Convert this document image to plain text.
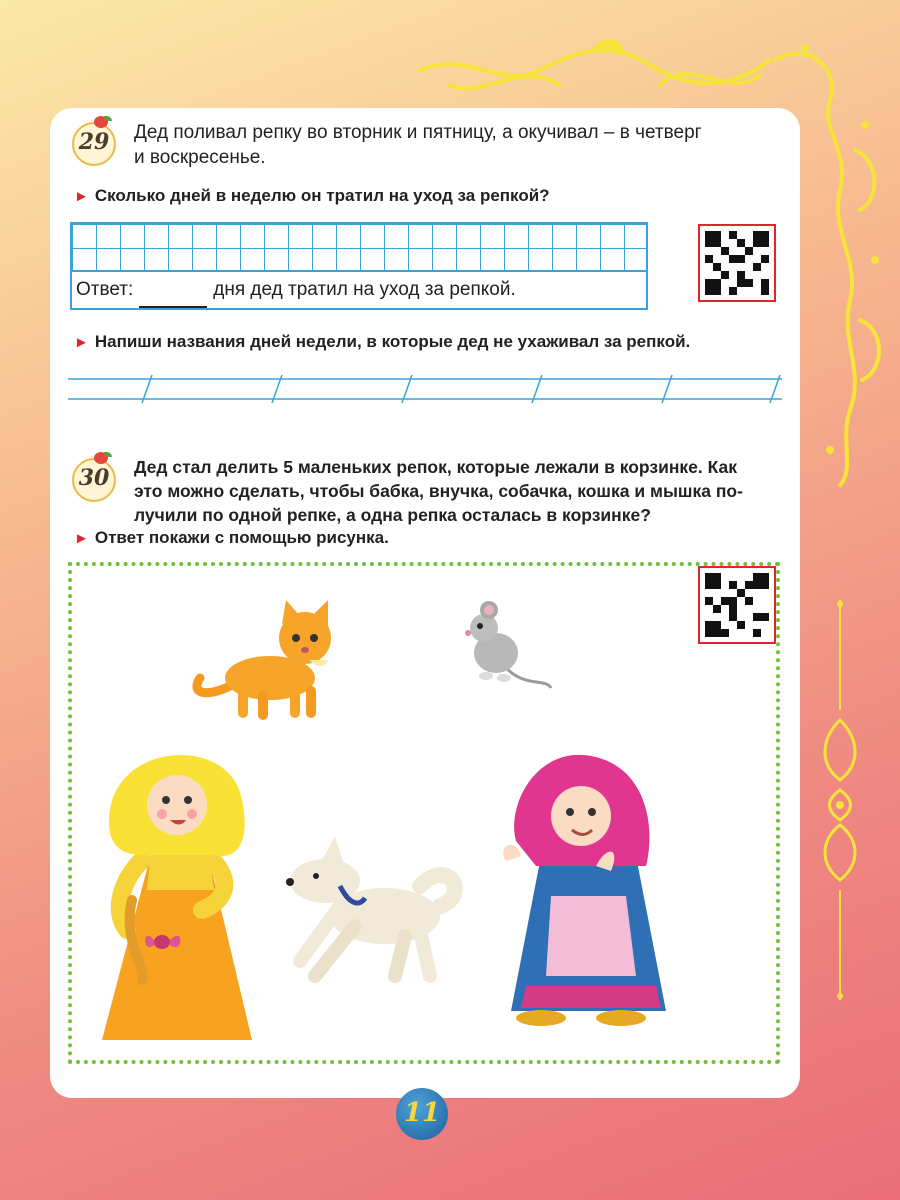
29	Дед поливал репку во вторник и пятницу, а окучивал – в четверг
и воскресенье.
► Сколько дней в неделю он тратил на уход за репкой?
Ответ:	дня дед тратил на уход за репкой.
► Напиши названия дней недели, в которые дед не ухаживал за репкой.
30	Дед стал делить 5 маленьких репок, которые лежали в корзинке. Как
это можно сделать, чтобы бабка, внучка, собачка, кошка и мышка по-
лучили по одной репке, а одна репка осталась в корзинке?
► Ответ покажи с помощью рисунка.
11
